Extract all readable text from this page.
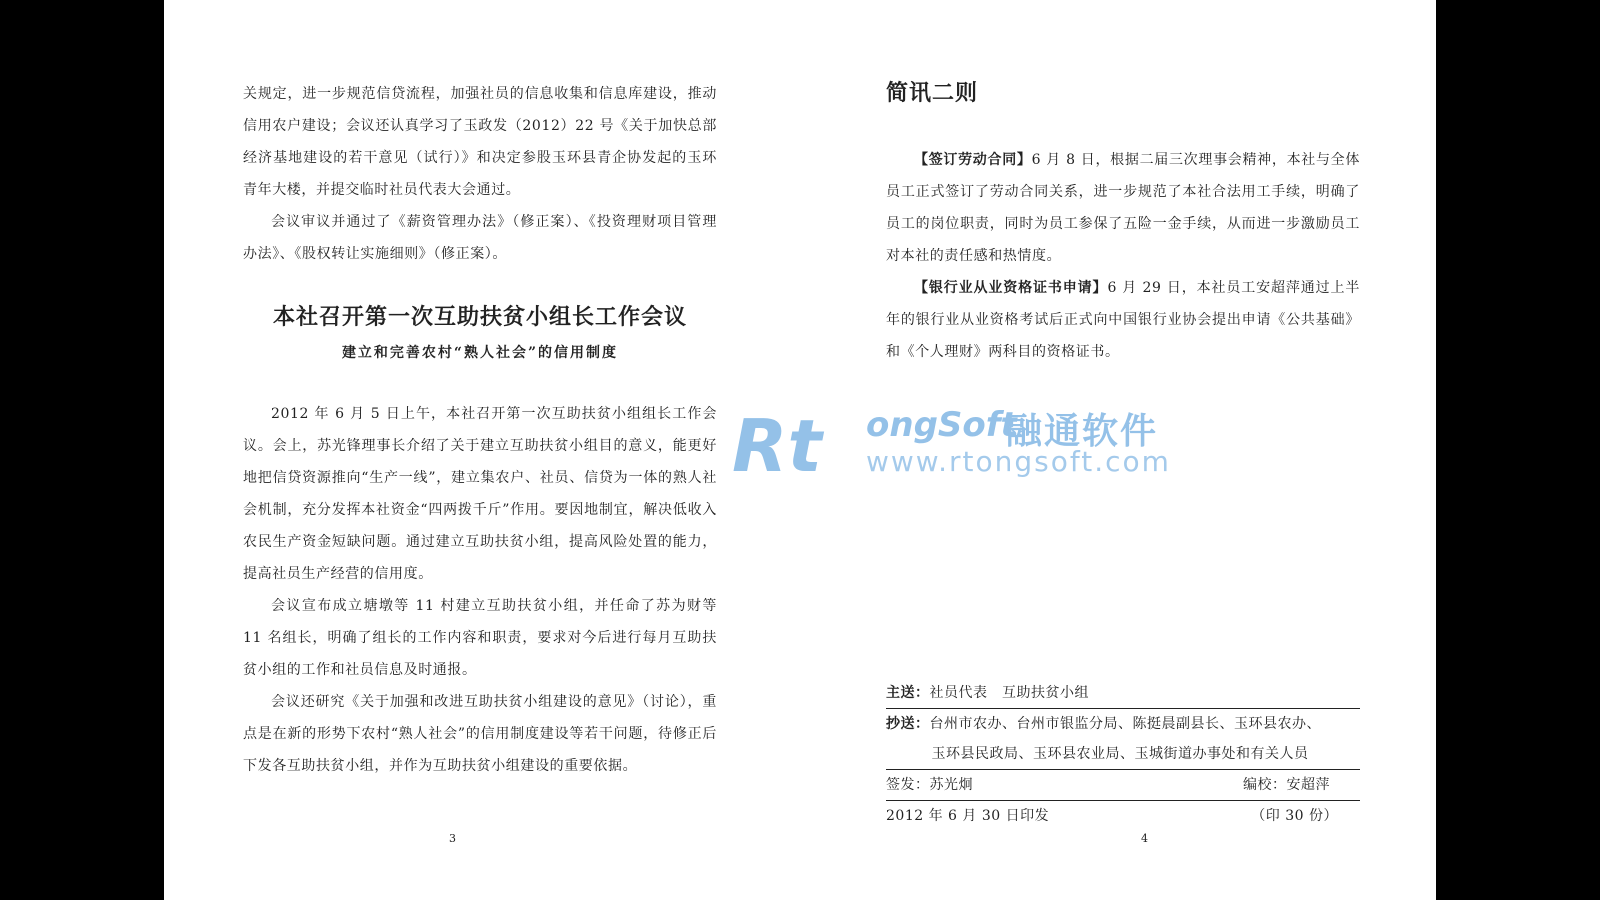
关规定，进一步规范信贷流程，加强社员的信息收集和信息库建设，推动信用农户建设；会议还认真学习了玉政发（2012）22 号《关于加快总部经济基地建设的若干意见（试行）》和决定参股玉环县青企协发起的玉环青年大楼，并提交临时社员代表大会通过。

会议审议并通过了《薪资管理办法》（修正案）、《投资理财项目管理办法》、《股权转让实施细则》（修正案）。

本社召开第一次互助扶贫小组长工作会议
建立和完善农村“熟人社会”的信用制度

2012 年 6 月 5 日上午，本社召开第一次互助扶贫小组组长工作会议。会上，苏光锋理事长介绍了关于建立互助扶贫小组目的意义，能更好地把信贷资源推向“生产一线”，建立集农户、社员、信贷为一体的熟人社会机制，充分发挥本社资金“四两拨千斤”作用。要因地制宜，解决低收入农民生产资金短缺问题。通过建立互助扶贫小组，提高风险处置的能力，提高社员生产经营的信用度。

会议宣布成立塘墩等 11 村建立互助扶贫小组，并任命了苏为财等 11 名组长，明确了组长的工作内容和职责，要求对今后进行每月互助扶贫小组的工作和社员信息及时通报。

会议还研究《关于加强和改进互助扶贫小组建设的意见》（讨论），重点是在新的形势下农村“熟人社会”的信用制度建设等若干问题，待修正后下发各互助扶贫小组，并作为互助扶贫小组建设的重要依据。

3
简讯二则

【签订劳动合同】6 月 8 日，根据二届三次理事会精神，本社与全体员工正式签订了劳动合同关系，进一步规范了本社合法用工手续，明确了员工的岗位职责，同时为员工参保了五险一金手续，从而进一步激励员工对本社的责任感和热情度。

【银行业从业资格证书申请】6 月 29 日，本社员工安超萍通过上半年的银行业从业资格考试后正式向中国银行业协会提出申请《公共基础》和《个人理财》两科目的资格证书。

主送： 社员代表　互助扶贫小组
抄送： 台州市农办、台州市银监分局、陈挺晨副县长、玉环县农办、
玉环县民政局、玉环县农业局、玉城街道办事处和有关人员
签发：苏光炯	编校：安超萍
2012 年 6 月 30 日印发	（印 30 份）
4
Rt ongSoft
融通软件
www.rtongsoft.com
